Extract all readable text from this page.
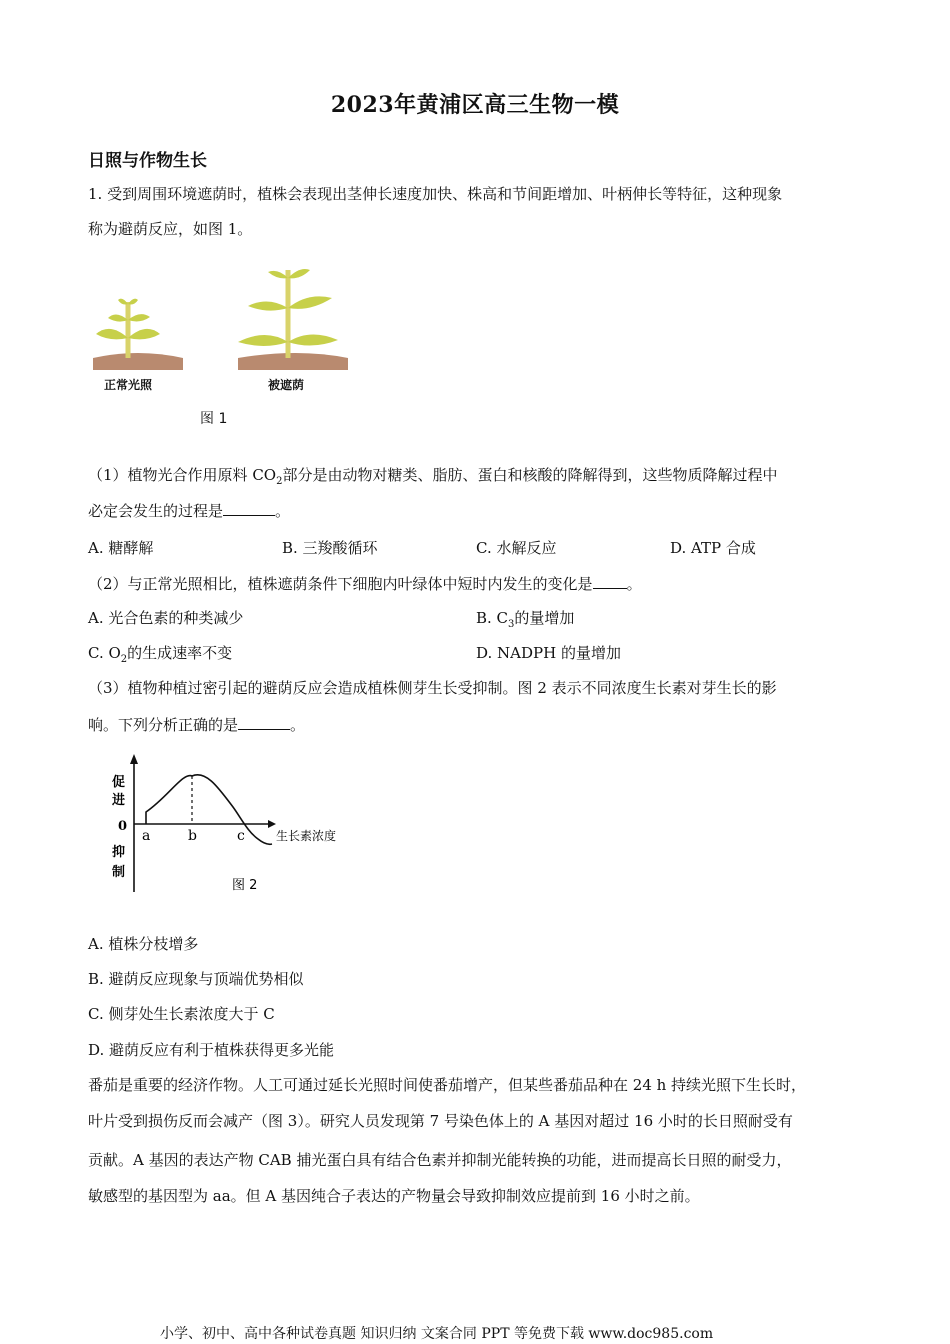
2023年黄浦区高三生物一模
日照与作物生长
1. 受到周围环境遮荫时，植株会表现出茎伸长速度加快、株高和节间距增加、叶柄伸长等特征，这种现象
称为避荫反应，如图 1。
正常光照	被遮荫
图 1
（1）植物光合作用原料 $CO_2$部分是由动物对糖类、脂肪、蛋白和核酸的降解得到，这些物质降解过程中
必定会发生的过程是	。
A. 糖酵解	B. 三羧酸循环	C. 水解反应	D. ATP 合成
（2）与正常光照相比，植株遮荫条件下细胞内叶绿体中短时内发生的变化是 。
A. 光合色素的种类减少	B. $C_3$的量增加
C. $O_2$的生成速率不变	D. NADPH 的量增加
（3）植物种植过密引起的避荫反应会造成植株侧芽生长受抑制。图 2 表示不同浓度生长素对芽生长的影
响。下列分析正确的是	。
促
进
0
a	b	c	生长素浓度
抑
制
图 2
A. 植株分枝增多
B. 避荫反应现象与顶端优势相似
C. 侧芽处生长素浓度大于 C
D. 避荫反应有利于植株获得更多光能
番茄是重要的经济作物。人工可通过延长光照时间使番茄增产，但某些番茄品种在 24 h 持续光照下生长时，
叶片受到损伤反而会减产（图 3）。研究人员发现第 7 号染色体上的 A 基因对超过 16 小时的长日照耐受有
贡献。A 基因的表达产物 CAB 捕光蛋白具有结合色素并抑制光能转换的功能，进而提高长日照的耐受力，
敏感型的基因型为 aa。但 A 基因纯合子表达的产物量会导致抑制效应提前到 16 小时之前。
小学、初中、高中各种试卷真题 知识归纳 文案合同 PPT 等免费下载 www.doc985.com
